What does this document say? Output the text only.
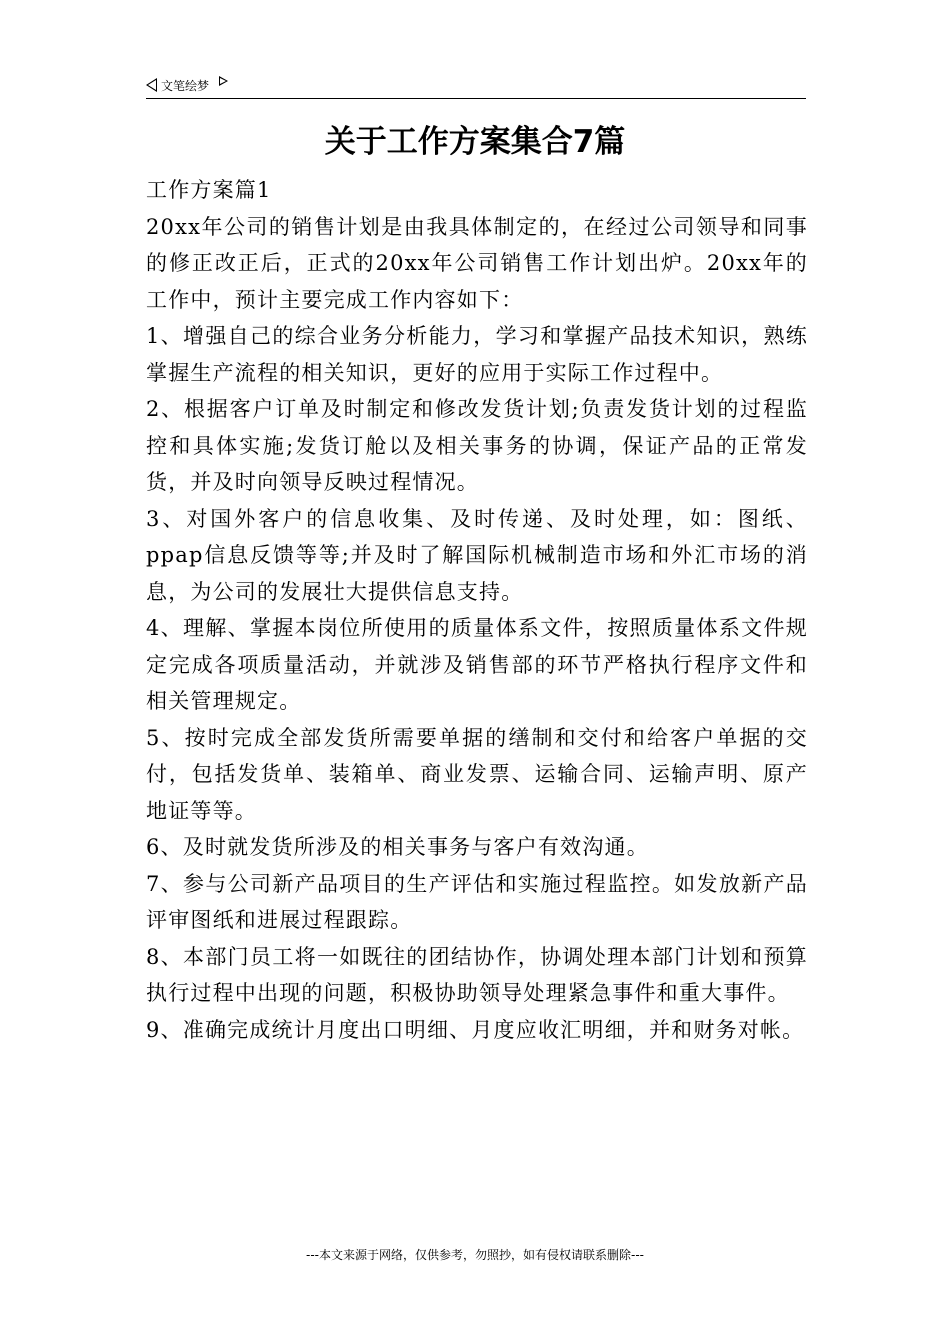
文笔绘梦
关于工作方案集合7篇

工作方案篇1

20xx年公司的销售计划是由我具体制定的，在经过公司领导和同事的修正改正后，正式的20xx年公司销售工作计划出炉。20xx年的工作中，预计主要完成工作内容如下：

1、增强自己的综合业务分析能力，学习和掌握产品技术知识，熟练掌握生产流程的相关知识，更好的应用于实际工作过程中。

2、根据客户订单及时制定和修改发货计划;负责发货计划的过程监控和具体实施;发货订舱以及相关事务的协调，保证产品的正常发货，并及时向领导反映过程情况。

3、对国外客户的信息收集、及时传递、及时处理，如：图纸、ppap信息反馈等等;并及时了解国际机械制造市场和外汇市场的消息，为公司的发展壮大提供信息支持。

4、理解、掌握本岗位所使用的质量体系文件，按照质量体系文件规定完成各项质量活动，并就涉及销售部的环节严格执行程序文件和相关管理规定。

5、按时完成全部发货所需要单据的缮制和交付和给客户单据的交付，包括发货单、装箱单、商业发票、运输合同、运输声明、原产地证等等。

6、及时就发货所涉及的相关事务与客户有效沟通。

7、参与公司新产品项目的生产评估和实施过程监控。如发放新产品评审图纸和进展过程跟踪。

8、本部门员工将一如既往的团结协作，协调处理本部门计划和预算执行过程中出现的问题，积极协助领导处理紧急事件和重大事件。

9、准确完成统计月度出口明细、月度应收汇明细，并和财务对帐。

---本文来源于网络，仅供参考，勿照抄，如有侵权请联系删除---
